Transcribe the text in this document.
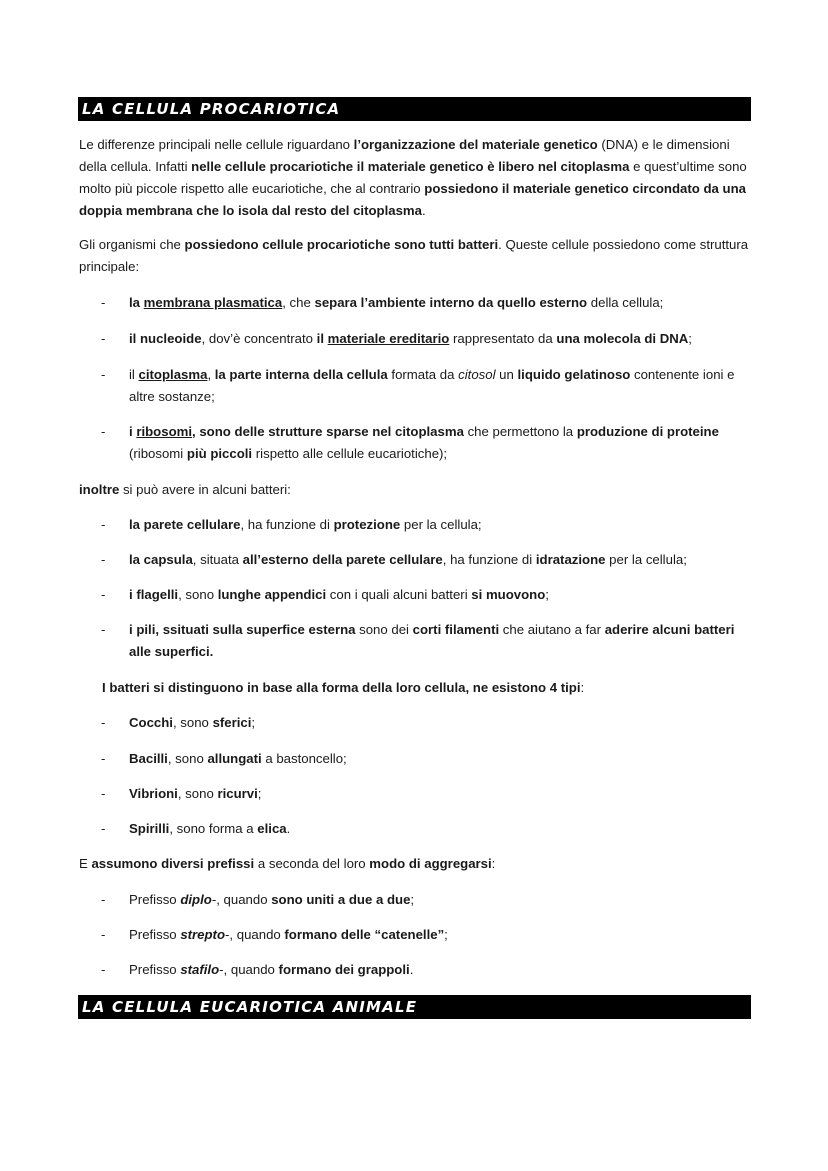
LA CELLULA PROCARIOTICA

Le differenze principali nelle cellule riguardano l’organizzazione del materiale genetico (DNA) e le dimensioni della cellula. Infatti nelle cellule procariotiche il materiale genetico è libero nel citoplasma e quest’ultime sono molto più piccole rispetto alle eucariotiche, che al contrario possiedono il materiale genetico circondato da una doppia membrana che lo isola dal resto del citoplasma.

Gli organismi che possiedono cellule procariotiche sono tutti batteri. Queste cellule possiedono come struttura principale:

- la membrana plasmatica, che separa l’ambiente interno da quello esterno della cellula;
- il nucleoide, dov’è concentrato il materiale ereditario rappresentato da una molecola di DNA;
- il citoplasma, la parte interna della cellula formata da citosol un liquido gelatinoso contenente ioni e altre sostanze;
- i ribosomi, sono delle strutture sparse nel citoplasma che permettono la produzione di proteine (ribosomi più piccoli rispetto alle cellule eucariotiche);

inoltre si può avere in alcuni batteri:

- la parete cellulare, ha funzione di protezione per la cellula;
- la capsula, situata all’esterno della parete cellulare, ha funzione di idratazione per la cellula;
- i flagelli, sono lunghe appendici con i quali alcuni batteri si muovono;
- i pili, ssituati sulla superfice esterna sono dei corti filamenti che aiutano a far aderire alcuni batteri alle superfici.

I batteri si distinguono in base alla forma della loro cellula, ne esistono 4 tipi:

- Cocchi, sono sferici;
- Bacilli, sono allungati a bastoncello;
- Vibrioni, sono ricurvi;
- Spirilli, sono forma a elica.

E assumono diversi prefissi a seconda del loro modo di aggregarsi:

- Prefisso diplo-, quando sono uniti a due a due;
- Prefisso strepto-, quando formano delle “catenelle”;
- Prefisso stafilo-, quando formano dei grappoli.
LA CELLULA EUCARIOTICA ANIMALE
